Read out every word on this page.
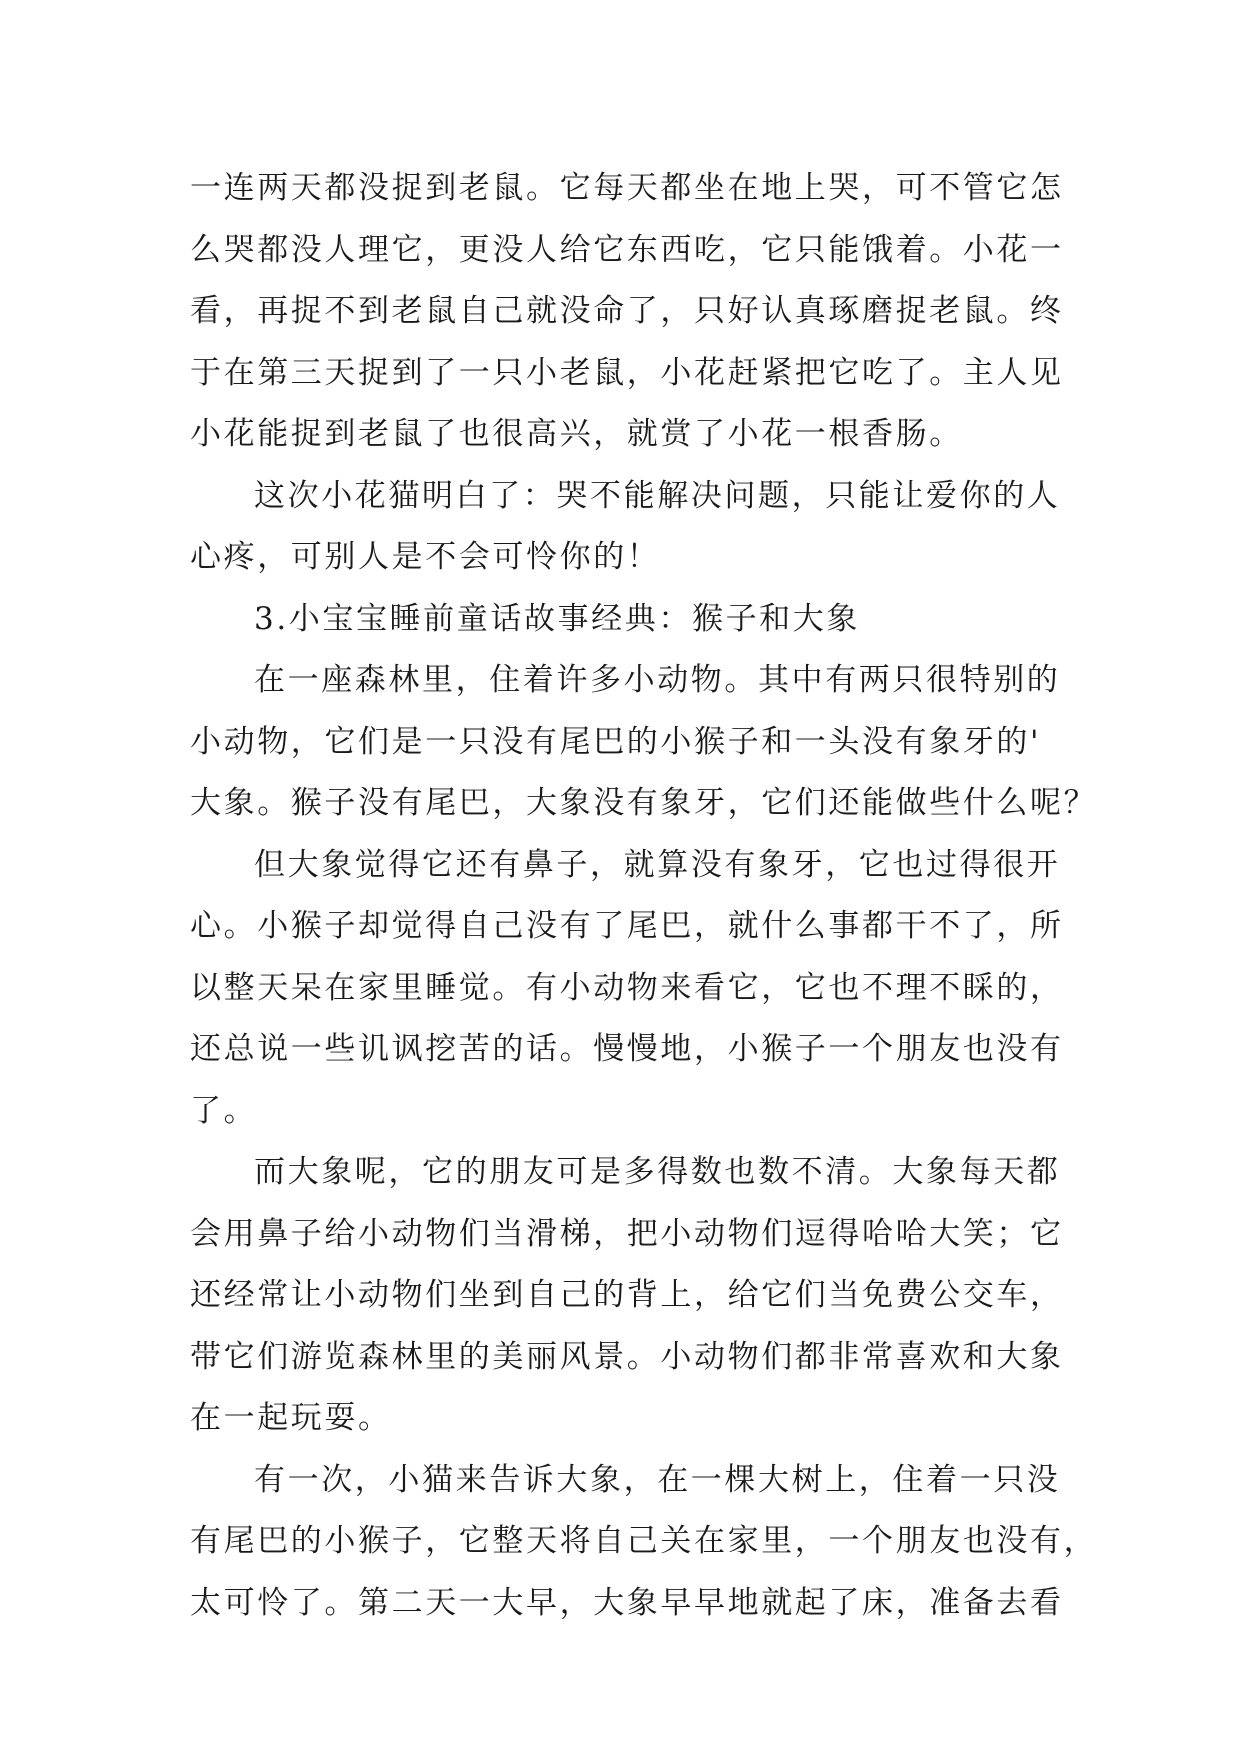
一连两天都没捉到老鼠。它每天都坐在地上哭，可不管它怎
么哭都没人理它，更没人给它东西吃，它只能饿着。小花一
看，再捉不到老鼠自己就没命了，只好认真琢磨捉老鼠。终
于在第三天捉到了一只小老鼠，小花赶紧把它吃了。主人见
小花能捉到老鼠了也很高兴，就赏了小花一根香肠。
这次小花猫明白了：哭不能解决问题，只能让爱你的人
心疼，可别人是不会可怜你的！
3.小宝宝睡前童话故事经典：猴子和大象
在一座森林里，住着许多小动物。其中有两只很特别的
小动物，它们是一只没有尾巴的小猴子和一头没有象牙的'
大象。猴子没有尾巴，大象没有象牙，它们还能做些什么呢？
但大象觉得它还有鼻子，就算没有象牙，它也过得很开
心。小猴子却觉得自己没有了尾巴，就什么事都干不了，所
以整天呆在家里睡觉。有小动物来看它，它也不理不睬的，
还总说一些讥讽挖苦的话。慢慢地，小猴子一个朋友也没有
了。
而大象呢，它的朋友可是多得数也数不清。大象每天都
会用鼻子给小动物们当滑梯，把小动物们逗得哈哈大笑；它
还经常让小动物们坐到自己的背上，给它们当免费公交车，
带它们游览森林里的美丽风景。小动物们都非常喜欢和大象
在一起玩耍。
有一次，小猫来告诉大象，在一棵大树上，住着一只没
有尾巴的小猴子，它整天将自己关在家里，一个朋友也没有，
太可怜了。第二天一大早，大象早早地就起了床，准备去看
